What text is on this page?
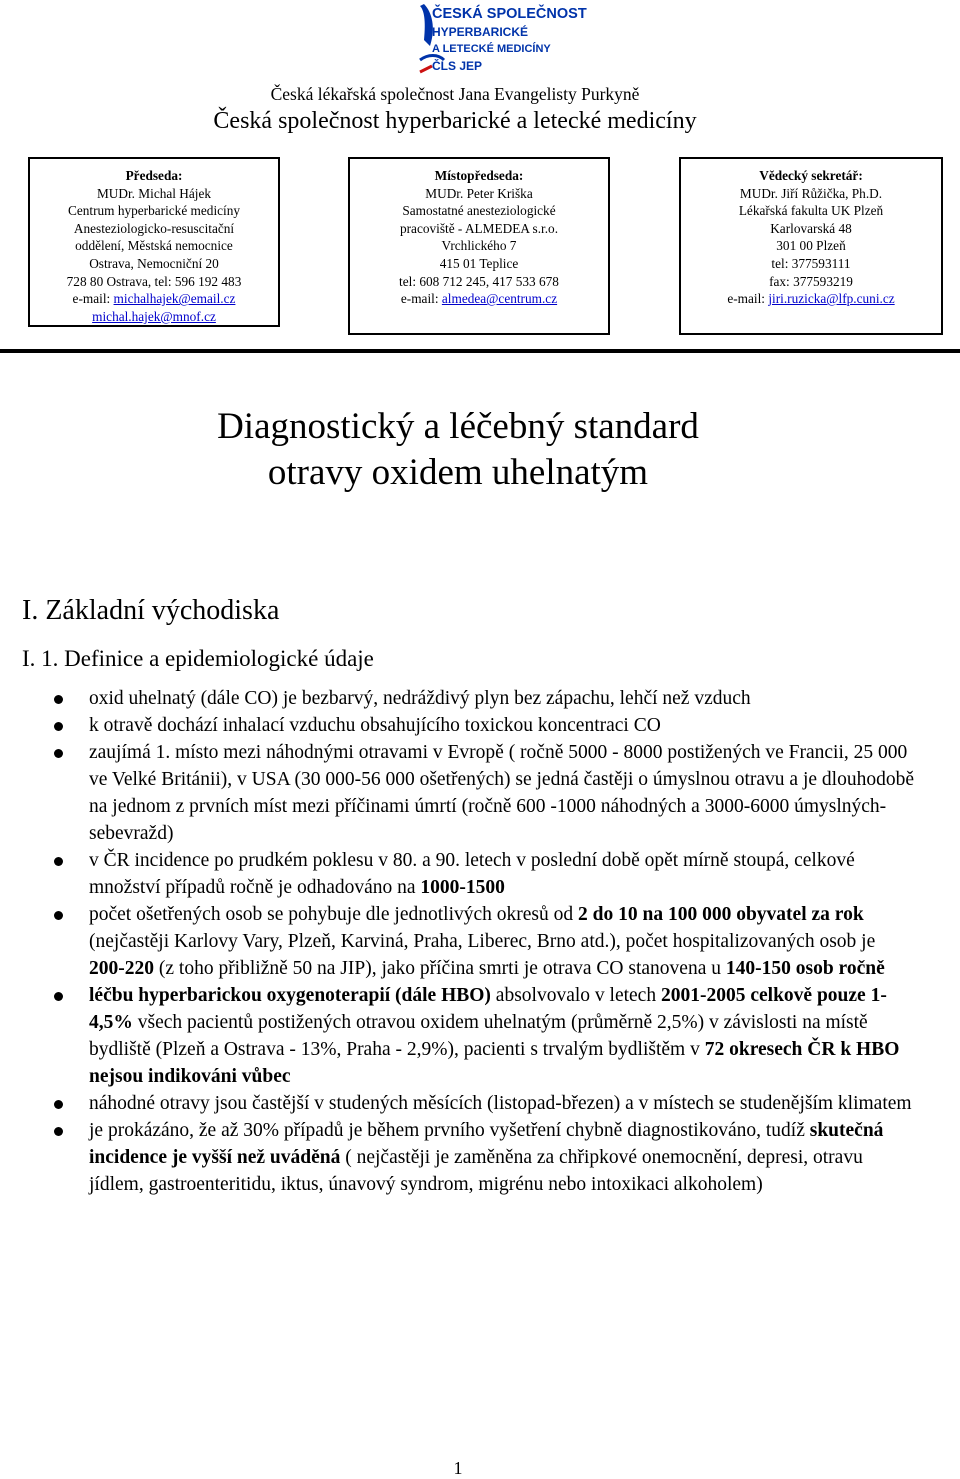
ČESKÁ SPOLEČNOST
HYPERBARICKÉ
A LETECKÉ MEDICÍNY
ČLS JEP
Česká lékařská společnost Jana Evangelisty Purkyně
Česká společnost hyperbarické a letecké medicíny
Předseda:
MUDr. Michal Hájek
Centrum hyperbarické medicíny
Anesteziologicko-resuscitační
oddělení, Městská nemocnice
Ostrava, Nemocniční 20
728 80 Ostrava, tel: 596 192 483
e-mail: michalhajek@email.cz
michal.hajek@mnof.cz
Místopředseda:
MUDr. Peter Kriška
Samostatné anesteziologické
pracoviště - ALMEDEA s.r.o.
Vrchlického 7
415 01 Teplice
tel: 608 712 245, 417 533 678
e-mail: almedea@centrum.cz
Vědecký sekretář:
MUDr. Jiří Růžička, Ph.D.
Lékařská fakulta UK Plzeň
Karlovarská 48
301 00 Plzeň
tel: 377593111
fax: 377593219
e-mail: jiri.ruzicka@lfp.cuni.cz
Diagnostický a léčebný standard
otravy oxidem uhelnatým
I. Základní východiska
I. 1. Definice a epidemiologické údaje
oxid uhelnatý (dále CO) je bezbarvý, nedráždivý plyn bez zápachu, lehčí než vzduch
k otravě dochází inhalací vzduchu obsahujícího toxickou koncentraci CO
zaujímá 1. místo mezi náhodnými otravami v Evropě ( ročně 5000 - 8000 postižených ve Francii, 25 000 ve Velké Británii), v USA (30 000-56 000 ošetřených) se jedná častěji o úmyslnou otravu a je dlouhodobě na jednom z prvních míst mezi příčinami úmrtí (ročně 600 -1000 náhodných a 3000-6000 úmyslných- sebevražd)
v ČR incidence po prudkém poklesu v 80. a 90. letech v poslední době opět mírně stoupá, celkové množství případů ročně je odhadováno na 1000-1500
počet ošetřených osob se pohybuje dle jednotlivých okresů od 2 do 10 na 100 000 obyvatel za rok (nejčastěji Karlovy Vary, Plzeň, Karviná, Praha, Liberec, Brno atd.), počet hospitalizovaných osob je 200-220 (z toho přibližně 50 na JIP), jako příčina smrti je otrava CO stanovena u 140-150 osob ročně
léčbu hyperbarickou oxygenoterapií (dále HBO) absolvovalo v letech 2001-2005 celkově pouze 1- 4,5% všech pacientů postižených otravou oxidem uhelnatým (průměrně 2,5%) v závislosti na místě bydliště (Plzeň a Ostrava - 13%, Praha - 2,9%), pacienti s trvalým bydlištěm v 72 okresech ČR k HBO nejsou indikováni vůbec
náhodné otravy jsou častější v studených měsících (listopad-březen) a v místech se studenějším klimatem
je prokázáno, že až 30% případů je během prvního vyšetření chybně diagnostikováno, tudíž skutečná incidence je vyšší než uváděná ( nejčastěji je zaměněna za chřipkové onemocnění, depresi, otravu jídlem, gastroenteritidu, iktus, únavový syndrom, migrénu nebo intoxikaci alkoholem)
1
